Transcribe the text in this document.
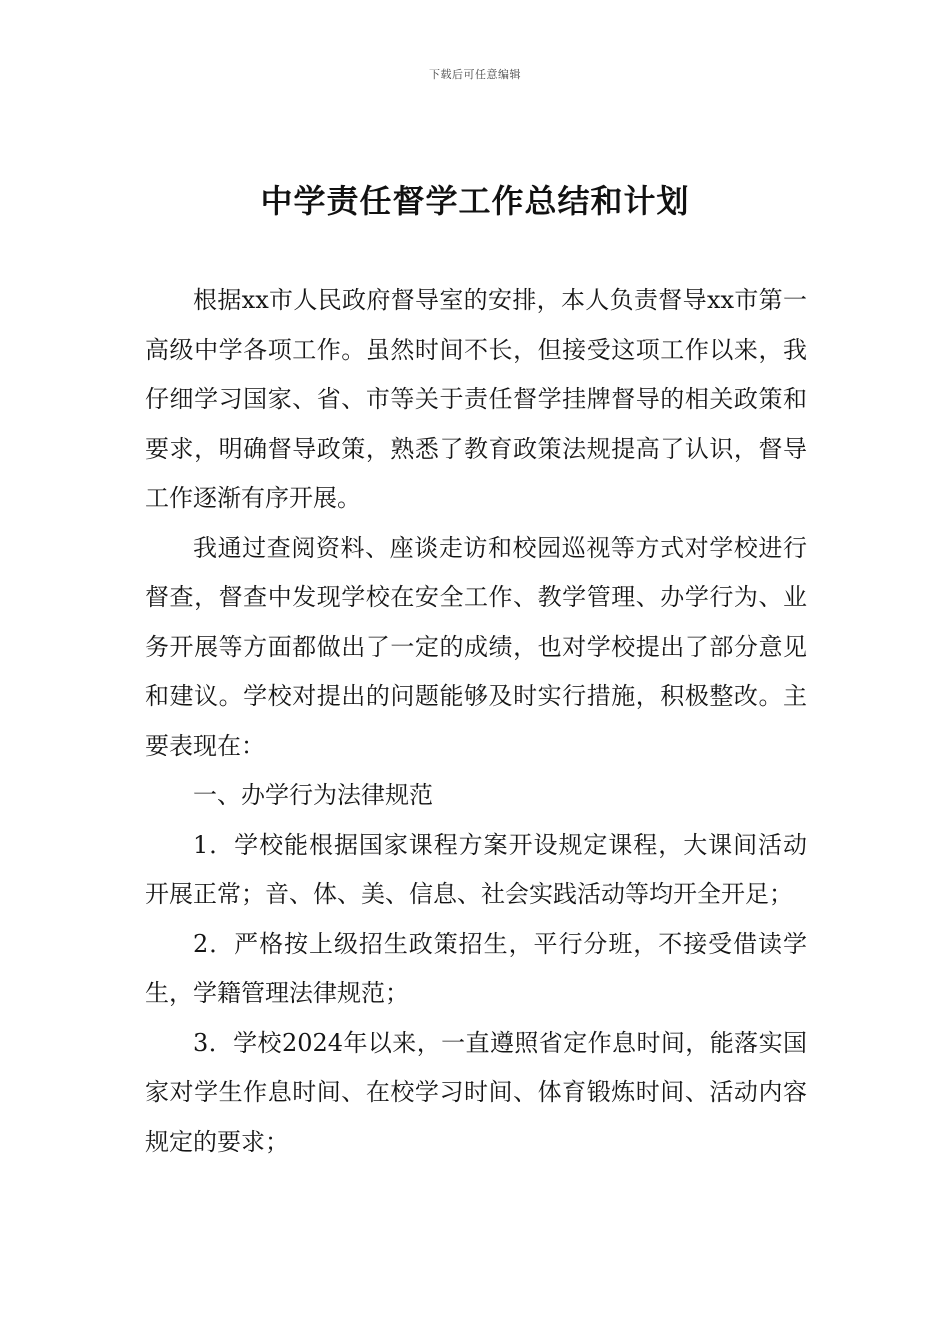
下载后可任意编辑
中学责任督学工作总结和计划

根据xx市人民政府督导室的安排，本人负责督导xx市第一高级中学各项工作。虽然时间不长，但接受这项工作以来，我仔细学习国家、省、市等关于责任督学挂牌督导的相关政策和要求，明确督导政策，熟悉了教育政策法规提高了认识，督导工作逐渐有序开展。

我通过查阅资料、座谈走访和校园巡视等方式对学校进行督查，督查中发现学校在安全工作、教学管理、办学行为、业务开展等方面都做出了一定的成绩，也对学校提出了部分意见和建议。学校对提出的问题能够及时实行措施，积极整改。主要表现在：

一、办学行为法律规范

1．学校能根据国家课程方案开设规定课程，大课间活动开展正常；音、体、美、信息、社会实践活动等均开全开足；

2．严格按上级招生政策招生，平行分班，不接受借读学生，学籍管理法律规范；

3．学校2024年以来，一直遵照省定作息时间，能落实国家对学生作息时间、在校学习时间、体育锻炼时间、活动内容规定的要求；
